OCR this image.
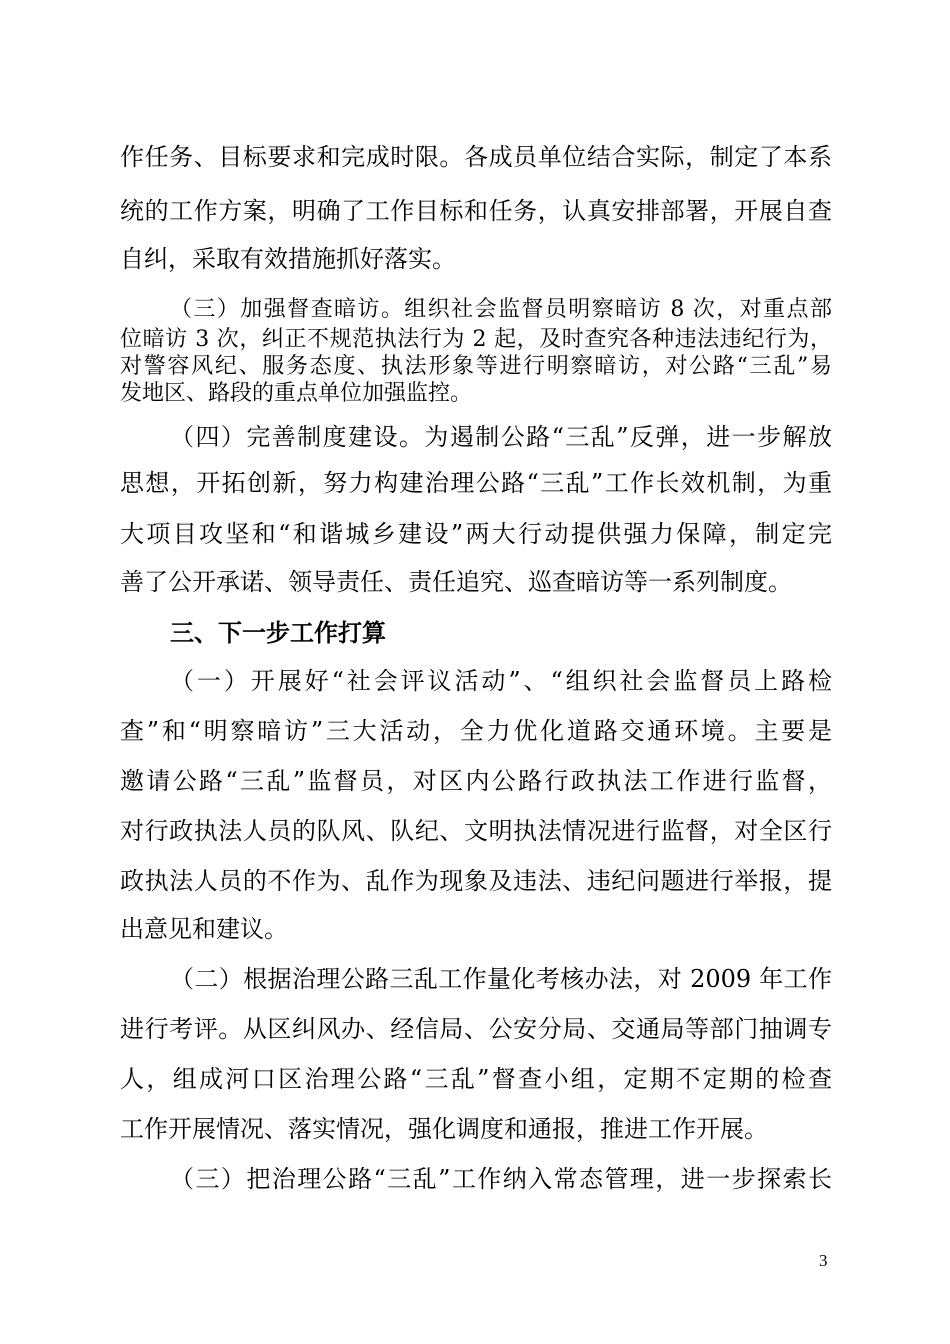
作任务、目标要求和完成时限。各成员单位结合实际，制定了本系
统的工作方案，明确了工作目标和任务，认真安排部署，开展自查
自纠，采取有效措施抓好落实。
（三）加强督查暗访。组织社会监督员明察暗访 8 次，对重点部
位暗访 3 次，纠正不规范执法行为 2 起，及时查究各种违法违纪行为，
对警容风纪、服务态度、执法形象等进行明察暗访，对公路“三乱”易
发地区、路段的重点单位加强监控。
（四）完善制度建设。为遏制公路“三乱”反弹，进一步解放
思想，开拓创新，努力构建治理公路“三乱”工作长效机制，为重
大项目攻坚和“和谐城乡建设”两大行动提供强力保障，制定完
善了公开承诺、领导责任、责任追究、巡查暗访等一系列制度。
三、下一步工作打算
（一）开展好“社会评议活动”、“组织社会监督员上路检
查”和“明察暗访”三大活动，全力优化道路交通环境。主要是
邀请公路“三乱”监督员，对区内公路行政执法工作进行监督，
对行政执法人员的队风、队纪、文明执法情况进行监督，对全区行
政执法人员的不作为、乱作为现象及违法、违纪问题进行举报，提
出意见和建议。
（二）根据治理公路三乱工作量化考核办法，对 2009 年工作
进行考评。从区纠风办、经信局、公安分局、交通局等部门抽调专
人，组成河口区治理公路“三乱”督查小组，定期不定期的检查
工作开展情况、落实情况，强化调度和通报，推进工作开展。
（三）把治理公路“三乱”工作纳入常态管理，进一步探索长
3
